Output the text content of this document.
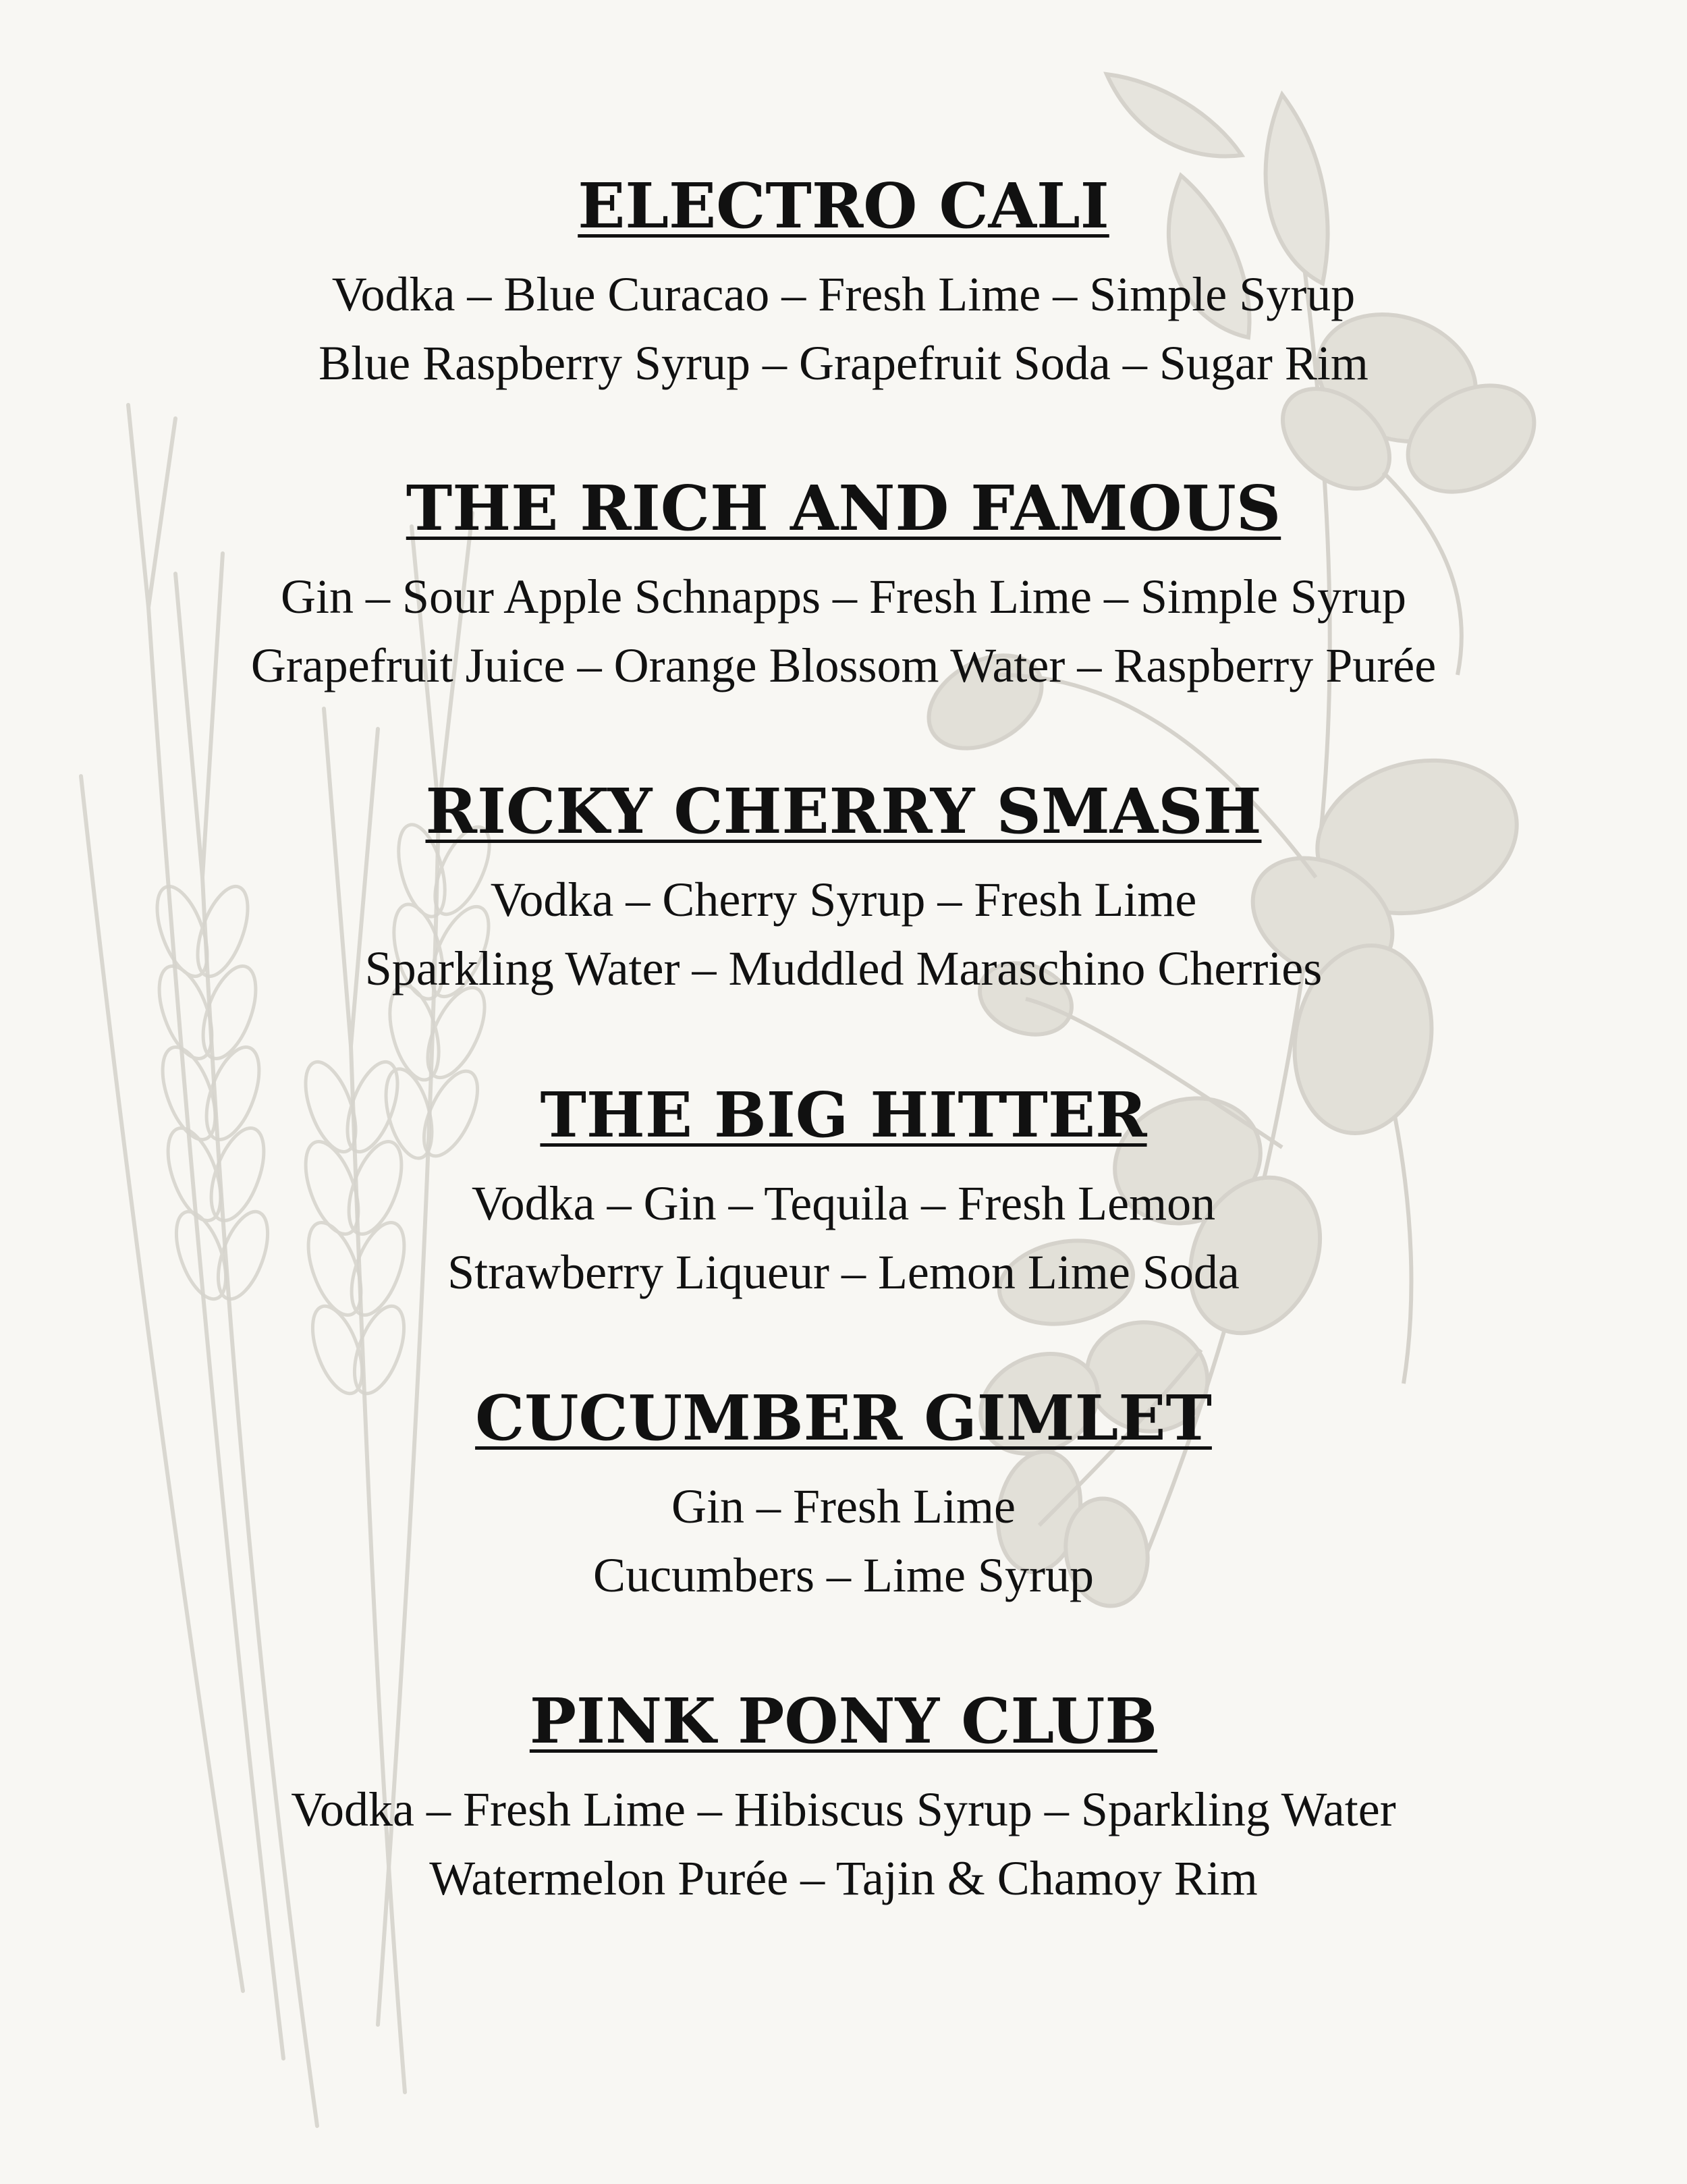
ELECTRO CALI

Vodka – Blue Curacao – Fresh Lime – Simple Syrup

Blue Raspberry Syrup – Grapefruit Soda – Sugar Rim

THE RICH AND FAMOUS

Gin – Sour Apple Schnapps – Fresh Lime – Simple Syrup

Grapefruit Juice – Orange Blossom Water – Raspberry Purée

RICKY CHERRY SMASH

Vodka – Cherry Syrup – Fresh Lime

Sparkling Water – Muddled Maraschino Cherries

THE BIG HITTER

Vodka – Gin – Tequila – Fresh Lemon

Strawberry Liqueur – Lemon Lime Soda

CUCUMBER GIMLET

Gin – Fresh Lime

Cucumbers – Lime Syrup

PINK PONY CLUB

Vodka – Fresh Lime – Hibiscus Syrup – Sparkling Water

Watermelon Purée – Tajin & Chamoy Rim
